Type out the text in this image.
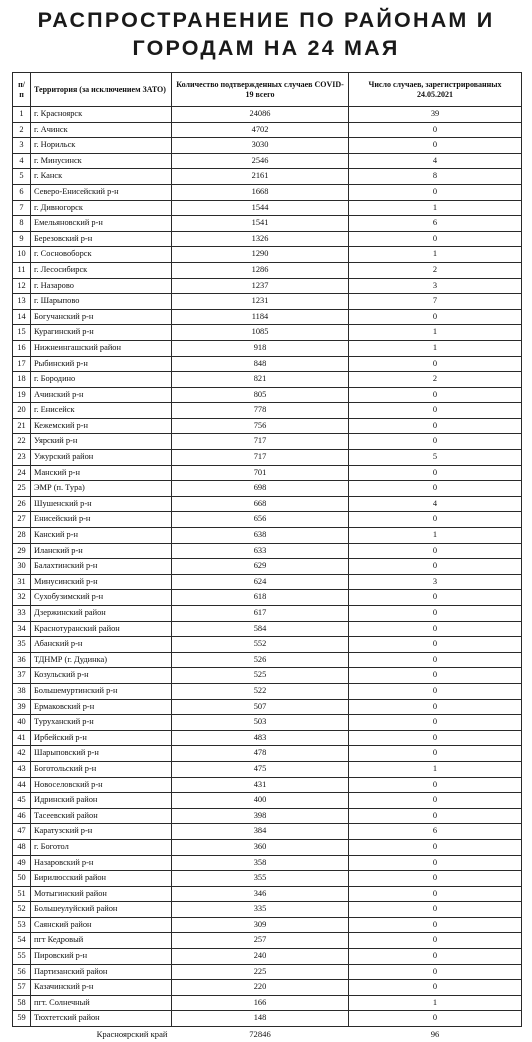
РАСПРОСТРАНЕНИЕ ПО РАЙОНАМ И
ГОРОДАМ НА 24 МАЯ
п/п	Территория (за исключением ЗАТО)	Количество подтвержденных случаев COVID-19 всего	Число случаев, зарегистрированных 24.05.2021
1	г. Красноярск	24086	39
2	г. Ачинск	4702	0
3	г. Норильск	3030	0
4	г. Минусинск	2546	4
5	г. Канск	2161	8
6	Северо-Енисейский р-н	1668	0
7	г. Дивногорск	1544	1
8	Емельяновский р-н	1541	6
9	Березовский р-н	1326	0
10	г. Сосновоборск	1290	1
11	г. Лесосибирск	1286	2
12	г. Назарово	1237	3
13	г. Шарыпово	1231	7
14	Богучанский р-н	1184	0
15	Курагинский р-н	1085	1
16	Нижнеингашский район	918	1
17	Рыбинский р-н	848	0
18	г. Бородино	821	2
19	Ачинский р-н	805	0
20	г. Енисейск	778	0
21	Кежемский р-н	756	0
22	Уярский р-н	717	0
23	Ужурский район	717	5
24	Манский р-н	701	0
25	ЭМР (п. Тура)	698	0
26	Шушенский р-н	668	4
27	Енисейский р-н	656	0
28	Канский р-н	638	1
29	Иланский р-н	633	0
30	Балахтинский р-н	629	0
31	Минусинский р-н	624	3
32	Сухобузимский р-н	618	0
33	Дзержинский район	617	0
34	Краснотуранский район	584	0
35	Абанский р-н	552	0
36	ТДНМР (г. Дудинка)	526	0
37	Козульский р-н	525	0
38	Большемуртинский р-н	522	0
39	Ермаковский р-н	507	0
40	Туруханский р-н	503	0
41	Ирбейский р-н	483	0
42	Шарыповский р-н	478	0
43	Боготольский р-н	475	1
44	Новоселовский р-н	431	0
45	Идринский район	400	0
46	Тасеевский район	398	0
47	Каратузский р-н	384	6
48	г. Боготол	360	0
49	Назаровский р-н	358	0
50	Бирилюсский район	355	0
51	Мотыгинский район	346	0
52	Большеулуйский район	335	0
53	Саянский район	309	0
54	пгт Кедровый	257	0
55	Пировский р-н	240	0
56	Партизанский район	225	0
57	Казачинский р-н	220	0
58	пгт. Солнечный	166	1
59	Тюхтетский район	148	0
	Красноярский край	72846	96
